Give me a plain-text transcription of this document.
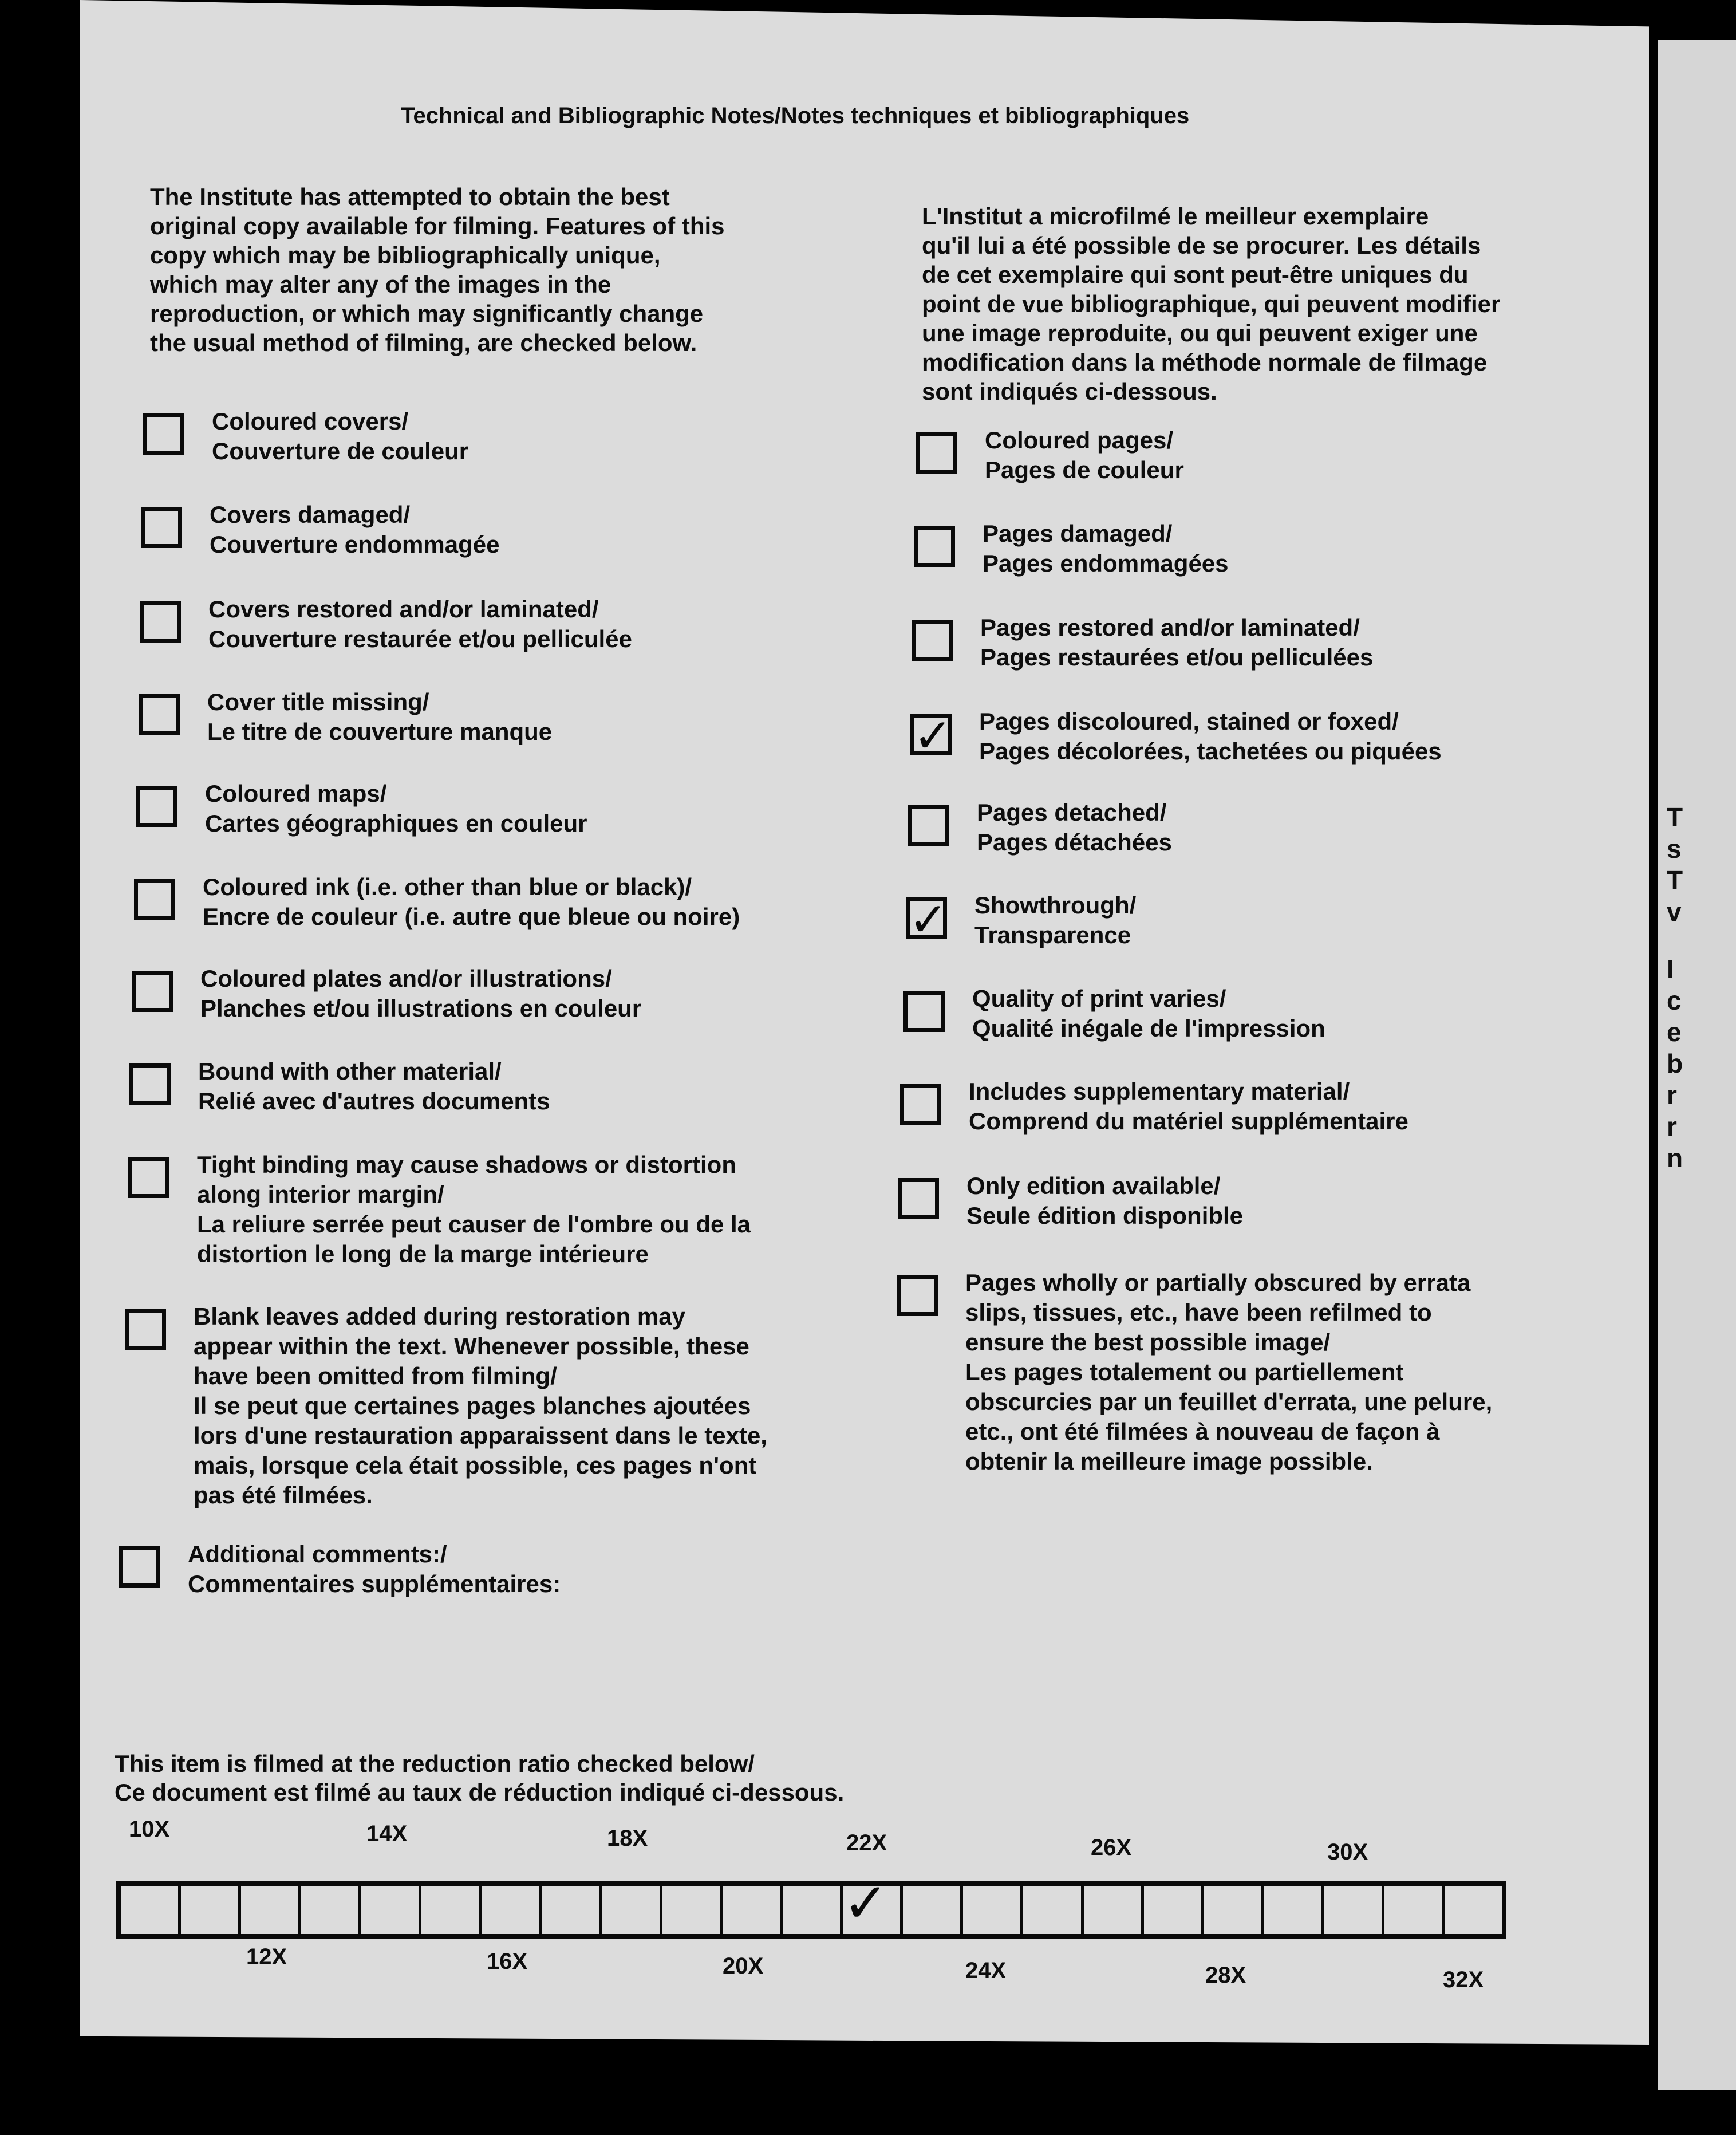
T
s
T
v
I
c
e
b
r
r
n
Technical and Bibliographic Notes/Notes techniques et bibliographiques
The Institute has attempted to obtain the best
original copy available for filming. Features of this
copy which may be bibliographically unique,
which may alter any of the images in the
reproduction, or which may significantly change
the usual method of filming, are checked below.
L'Institut a microfilmé le meilleur exemplaire
qu'il lui a été possible de se procurer. Les détails
de cet exemplaire qui sont peut-être uniques du
point de vue bibliographique, qui peuvent modifier
une image reproduite, ou qui peuvent exiger une
modification dans la méthode normale de filmage
sont indiqués ci-dessous.
Coloured covers/
Couverture de couleur
Covers damaged/
Couverture endommagée
Covers restored and/or laminated/
Couverture restaurée et/ou pelliculée
Cover title missing/
Le titre de couverture manque
Coloured maps/
Cartes géographiques en couleur
Coloured ink (i.e. other than blue or black)/
Encre de couleur (i.e. autre que bleue ou noire)
Coloured plates and/or illustrations/
Planches et/ou illustrations en couleur
Bound with other material/
Relié avec d'autres documents
Tight binding may cause shadows or distortion
along interior margin/
La reliure serrée peut causer de l'ombre ou de la
distortion le long de la marge intérieure
Blank leaves added during restoration may
appear within the text. Whenever possible, these
have been omitted from filming/
Il se peut que certaines pages blanches ajoutées
lors d'une restauration apparaissent dans le texte,
mais, lorsque cela était possible, ces pages n'ont
pas été filmées.
Additional comments:/
Commentaires supplémentaires:
Coloured pages/
Pages de couleur
Pages damaged/
Pages endommagées
Pages restored and/or laminated/
Pages restaurées et/ou pelliculées
✓ Pages discoloured, stained or foxed/
Pages décolorées, tachetées ou piquées
Pages detached/
Pages détachées
✓ Showthrough/
Transparence
Quality of print varies/
Qualité inégale de l'impression
Includes supplementary material/
Comprend du matériel supplémentaire
Only edition available/
Seule édition disponible
Pages wholly or partially obscured by errata
slips, tissues, etc., have been refilmed to
ensure the best possible image/
Les pages totalement ou partiellement
obscurcies par un feuillet d'errata, une pelure,
etc., ont été filmées à nouveau de façon à
obtenir la meilleure image possible.
This item is filmed at the reduction ratio checked below/
Ce document est filmé au taux de réduction indiqué ci-dessous.
✓
10X	14X	18X	22X	26X	30X
12X	16X	20X	24X	28X	32X
